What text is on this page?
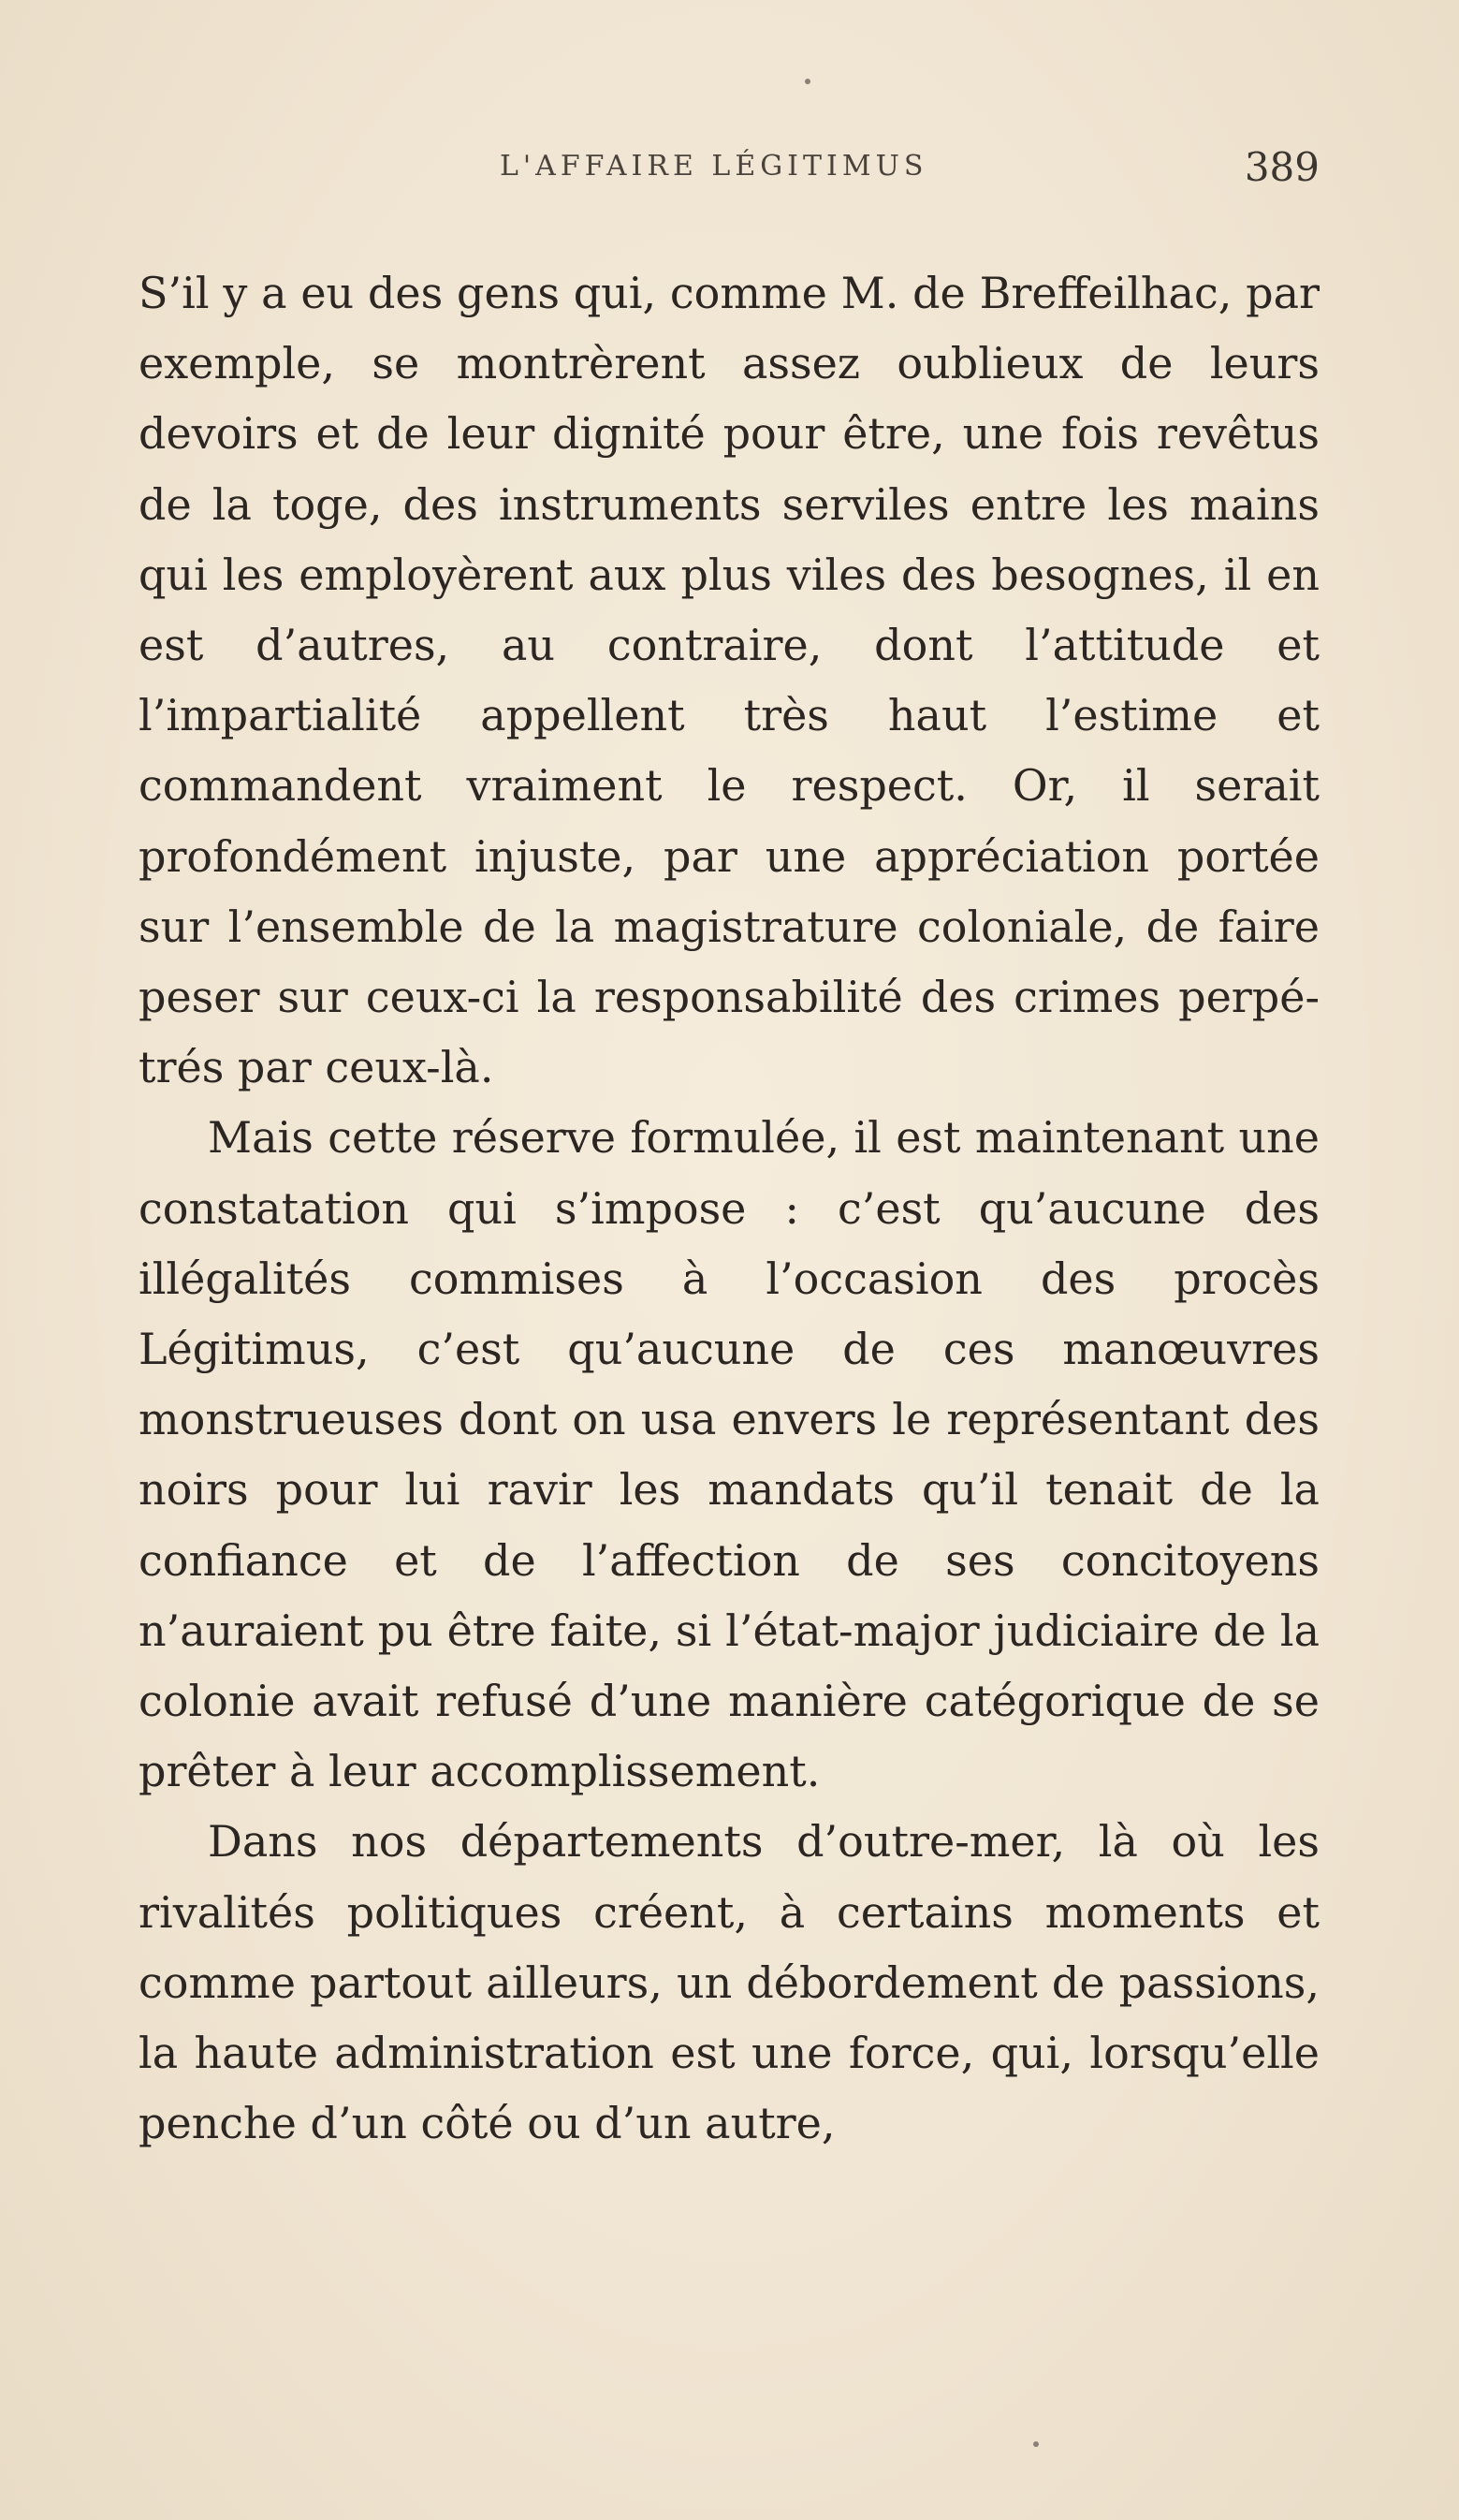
L'AFFAIRE LÉGITIMUS	389

S’il y a eu des gens qui, comme M. de Breffeilhac, par exemple, se montrèrent assez oublieux de leurs devoirs et de leur dignité pour être, une fois revêtus de la toge, des instruments serviles entre les mains qui les employèrent aux plus viles des besognes, il en est d’autres, au contraire, dont l’attitude et l’impartialité appellent très haut l’estime et commandent vraiment le respect. Or, il serait profondément injuste, par une appréciation portée sur l’ensemble de la magistrature coloniale, de faire peser sur ceux-ci la responsabilité des crimes perpétrés par ceux-là.

Mais cette réserve formulée, il est maintenant une constatation qui s’impose : c’est qu’aucune des illégalités commises à l’occasion des procès Légitimus, c’est qu’aucune de ces manœuvres monstrueuses dont on usa envers le représentant des noirs pour lui ravir les mandats qu’il tenait de la confiance et de l’affection de ses concitoyens n’auraient pu être faite, si l’état-major judiciaire de la colonie avait refusé d’une manière catégorique de se prêter à leur accomplissement.

Dans nos départements d’outre-mer, là où les rivalités politiques créent, à certains moments et comme partout ailleurs, un débordement de passions, la haute administration est une force, qui, lorsqu’elle penche d’un côté ou d’un autre,
